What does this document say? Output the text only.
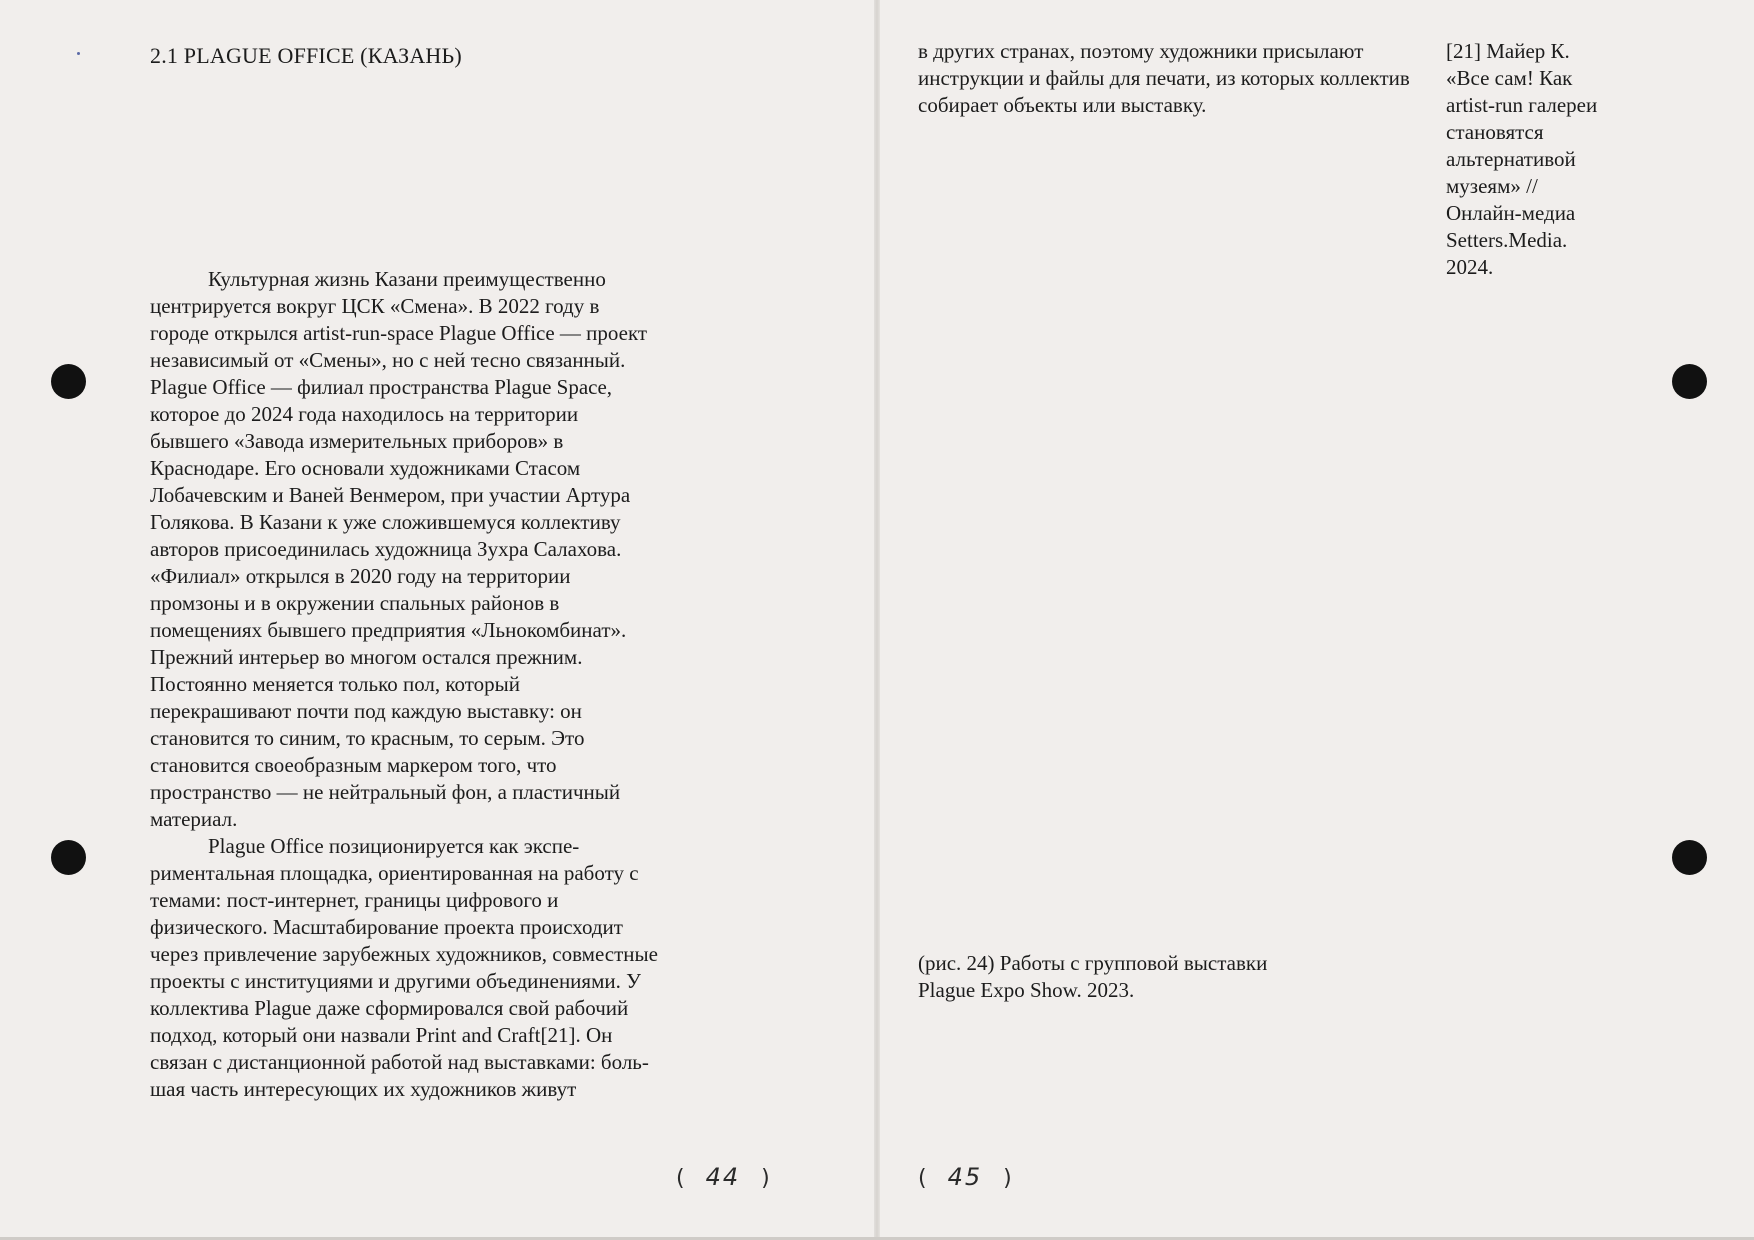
2.1 PLAGUE OFFICE (КАЗАНЬ)

Культурная жизнь Казани преимущественно центрируется вокруг ЦСК «Смена». В 2022 году в городе открылся artist-run-space Plague Office — проект независимый от «Смены», но с ней тесно связанный. Plague Office — филиал пространства Plague Space, которое до 2024 года находилось на территории бывшего «Завода измерительных приборов» в Краснодаре. Его основали художниками Стасом Лобачевским и Ваней Венмером, при участии Артура Голякова. В Казани к уже сложившемуся коллективу авторов присоединилась художница Зухра Салахова. «Филиал» открылся в 2020 году на территории промзоны и в окружении спальных районов в помещениях бывшего предприятия «Льнокомбинат». Прежний интерьер во многом остался прежним. Постоянно меняется только пол, который перекрашивают почти под каждую выставку: он становится то синим, то красным, то серым. Это становится своеобразным маркером того, что пространство — не нейтральный фон, а пластичный материал.

Plague Office позиционируется как экспериментальная площадка, ориентированная на работу с темами: пост-интернет, границы цифрового и физического. Масштабирование проекта происходит через привлечение зарубежных художников, совместные проекты с институциями и другими объединениями. У коллектива Plague даже сформировался свой рабочий подход, который они назвали Print and Craft[21]. Он связан с дистанционной работой над выставками: большая часть интересующих их художников живут

( 44 )

в других странах, поэтому художники присылают инструкции и файлы для печати, из которых коллектив собирает объекты или выставку.

[21] Майер К. «Все сам! Как artist-run галереи становятся альтернативой музеям» // Онлайн-медиа Setters.Media. 2024.

(рис. 24) Работы с групповой выставки Plague Expo Show. 2023.

( 45 )
